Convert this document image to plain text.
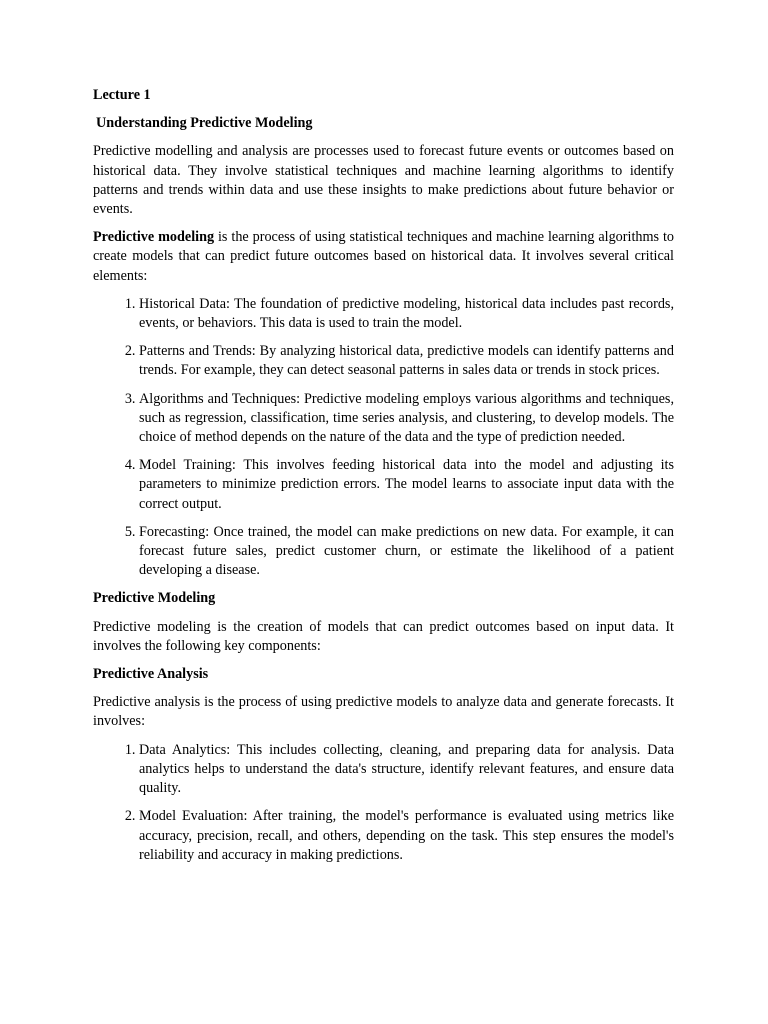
Lecture 1
Understanding Predictive Modeling

Predictive modelling and analysis are processes used to forecast future events or outcomes based on historical data. They involve statistical techniques and machine learning algorithms to identify patterns and trends within data and use these insights to make predictions about future behavior or events.

Predictive modeling is the process of using statistical techniques and machine learning algorithms to create models that can predict future outcomes based on historical data. It involves several critical elements:

1. Historical Data: The foundation of predictive modeling, historical data includes past records, events, or behaviors. This data is used to train the model.
2. Patterns and Trends: By analyzing historical data, predictive models can identify patterns and trends. For example, they can detect seasonal patterns in sales data or trends in stock prices.
3. Algorithms and Techniques: Predictive modeling employs various algorithms and techniques, such as regression, classification, time series analysis, and clustering, to develop models. The choice of method depends on the nature of the data and the type of prediction needed.
4. Model Training: This involves feeding historical data into the model and adjusting its parameters to minimize prediction errors. The model learns to associate input data with the correct output.
5. Forecasting: Once trained, the model can make predictions on new data. For example, it can forecast future sales, predict customer churn, or estimate the likelihood of a patient developing a disease.
Predictive Modeling

Predictive modeling is the creation of models that can predict outcomes based on input data. It involves the following key components:

Predictive Analysis

Predictive analysis is the process of using predictive models to analyze data and generate forecasts. It involves:

1. Data Analytics: This includes collecting, cleaning, and preparing data for analysis. Data analytics helps to understand the data's structure, identify relevant features, and ensure data quality.
2. Model Evaluation: After training, the model's performance is evaluated using metrics like accuracy, precision, recall, and others, depending on the task. This step ensures the model's reliability and accuracy in making predictions.
